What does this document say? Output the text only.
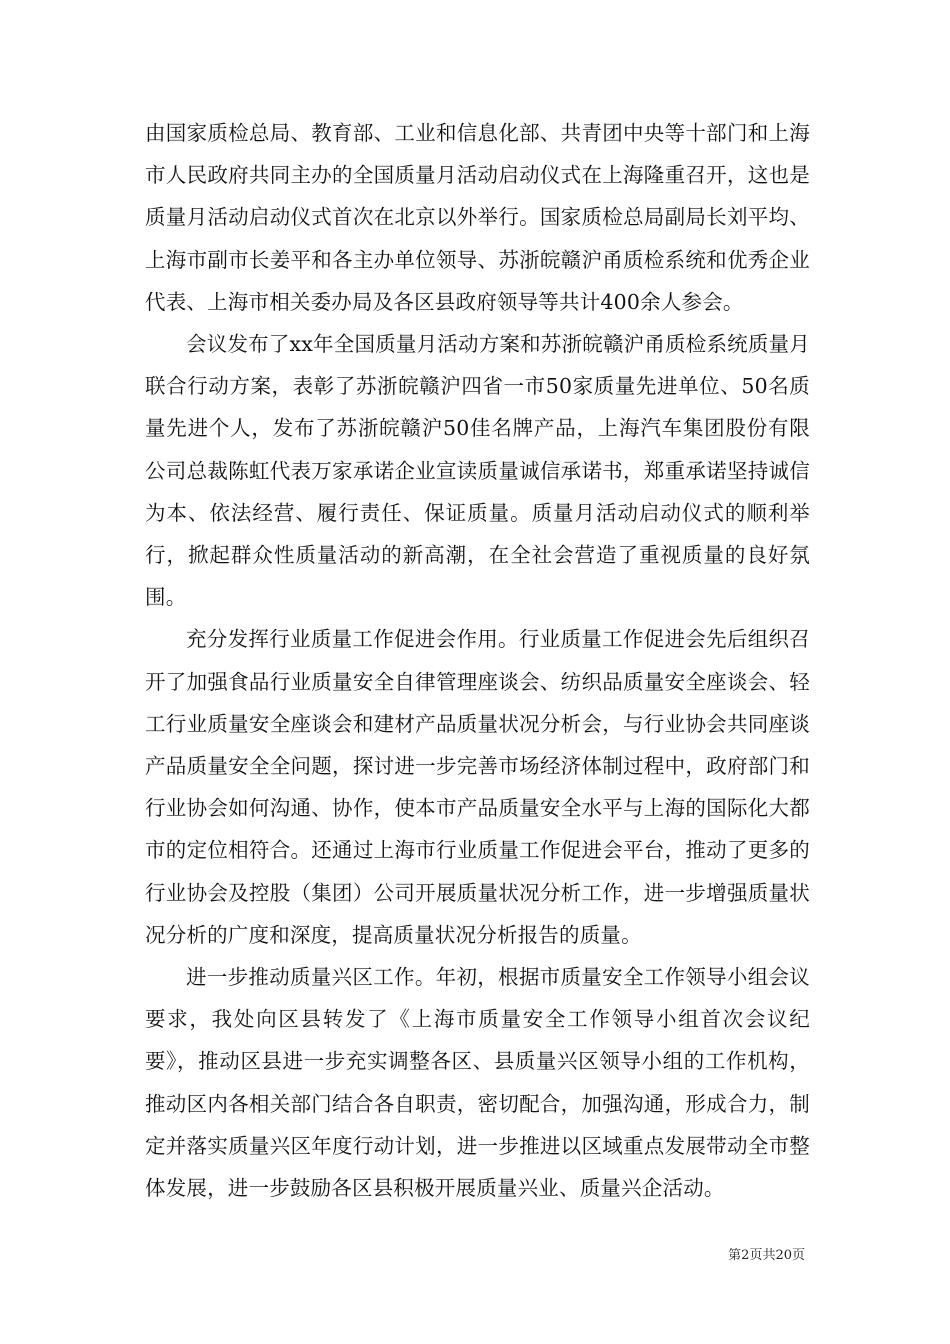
由国家质检总局、教育部、工业和信息化部、共青团中央等十部门和上海市人民政府共同主办的全国质量月活动启动仪式在上海隆重召开，这也是质量月活动启动仪式首次在北京以外举行。国家质检总局副局长刘平均、上海市副市长姜平和各主办单位领导、苏浙皖赣沪甬质检系统和优秀企业代表、上海市相关委办局及各区县政府领导等共计400余人参会。

会议发布了xx年全国质量月活动方案和苏浙皖赣沪甬质检系统质量月联合行动方案，表彰了苏浙皖赣沪四省一市50家质量先进单位、50名质量先进个人，发布了苏浙皖赣沪50佳名牌产品，上海汽车集团股份有限公司总裁陈虹代表万家承诺企业宣读质量诚信承诺书，郑重承诺坚持诚信为本、依法经营、履行责任、保证质量。质量月活动启动仪式的顺利举行，掀起群众性质量活动的新高潮，在全社会营造了重视质量的良好氛围。

充分发挥行业质量工作促进会作用。行业质量工作促进会先后组织召开了加强食品行业质量安全自律管理座谈会、纺织品质量安全座谈会、轻工行业质量安全座谈会和建材产品质量状况分析会，与行业协会共同座谈产品质量安全全问题，探讨进一步完善市场经济体制过程中，政府部门和行业协会如何沟通、协作，使本市产品质量安全水平与上海的国际化大都市的定位相符合。还通过上海市行业质量工作促进会平台，推动了更多的行业协会及控股（集团）公司开展质量状况分析工作，进一步增强质量状况分析的广度和深度，提高质量状况分析报告的质量。

进一步推动质量兴区工作。年初，根据市质量安全工作领导小组会议要求，我处向区县转发了《上海市质量安全工作领导小组首次会议纪要》，推动区县进一步充实调整各区、县质量兴区领导小组的工作机构，推动区内各相关部门结合各自职责，密切配合，加强沟通，形成合力，制定并落实质量兴区年度行动计划，进一步推进以区域重点发展带动全市整体发展，进一步鼓励各区县积极开展质量兴业、质量兴企活动。

第2页共20页
